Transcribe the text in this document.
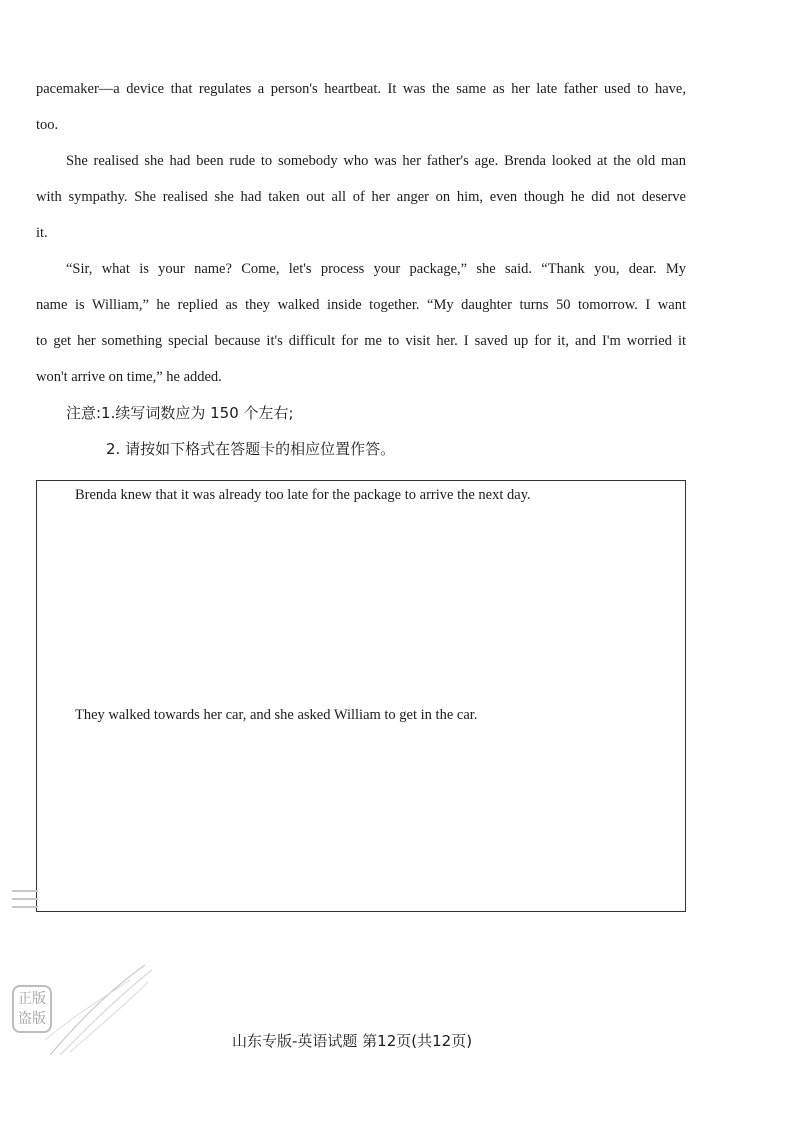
pacemaker—a device that regulates a person's heartbeat. It was the same as her late father used to have,
too.
She realised she had been rude to somebody who was her father's age. Brenda looked at the old man
with sympathy. She realised she had taken out all of her anger on him, even though he did not deserve
it.
“Sir, what is your name? Come, let's process your package,” she said. “Thank you, dear. My
name is William,” he replied as they walked inside together. “My daughter turns 50 tomorrow. I want
to get her something special because it's difficult for me to visit her. I saved up for it, and I'm worried it
won't arrive on time,” he added.
注意:1.续写词数应为 150 个左右;
2. 请按如下格式在答题卡的相应位置作答。
Brenda knew that it was already too late for the package to arrive the next day.
They walked towards her car, and she asked William to get in the car.
正版
盗版
山东专版-英语试题 第12页(共12页)
